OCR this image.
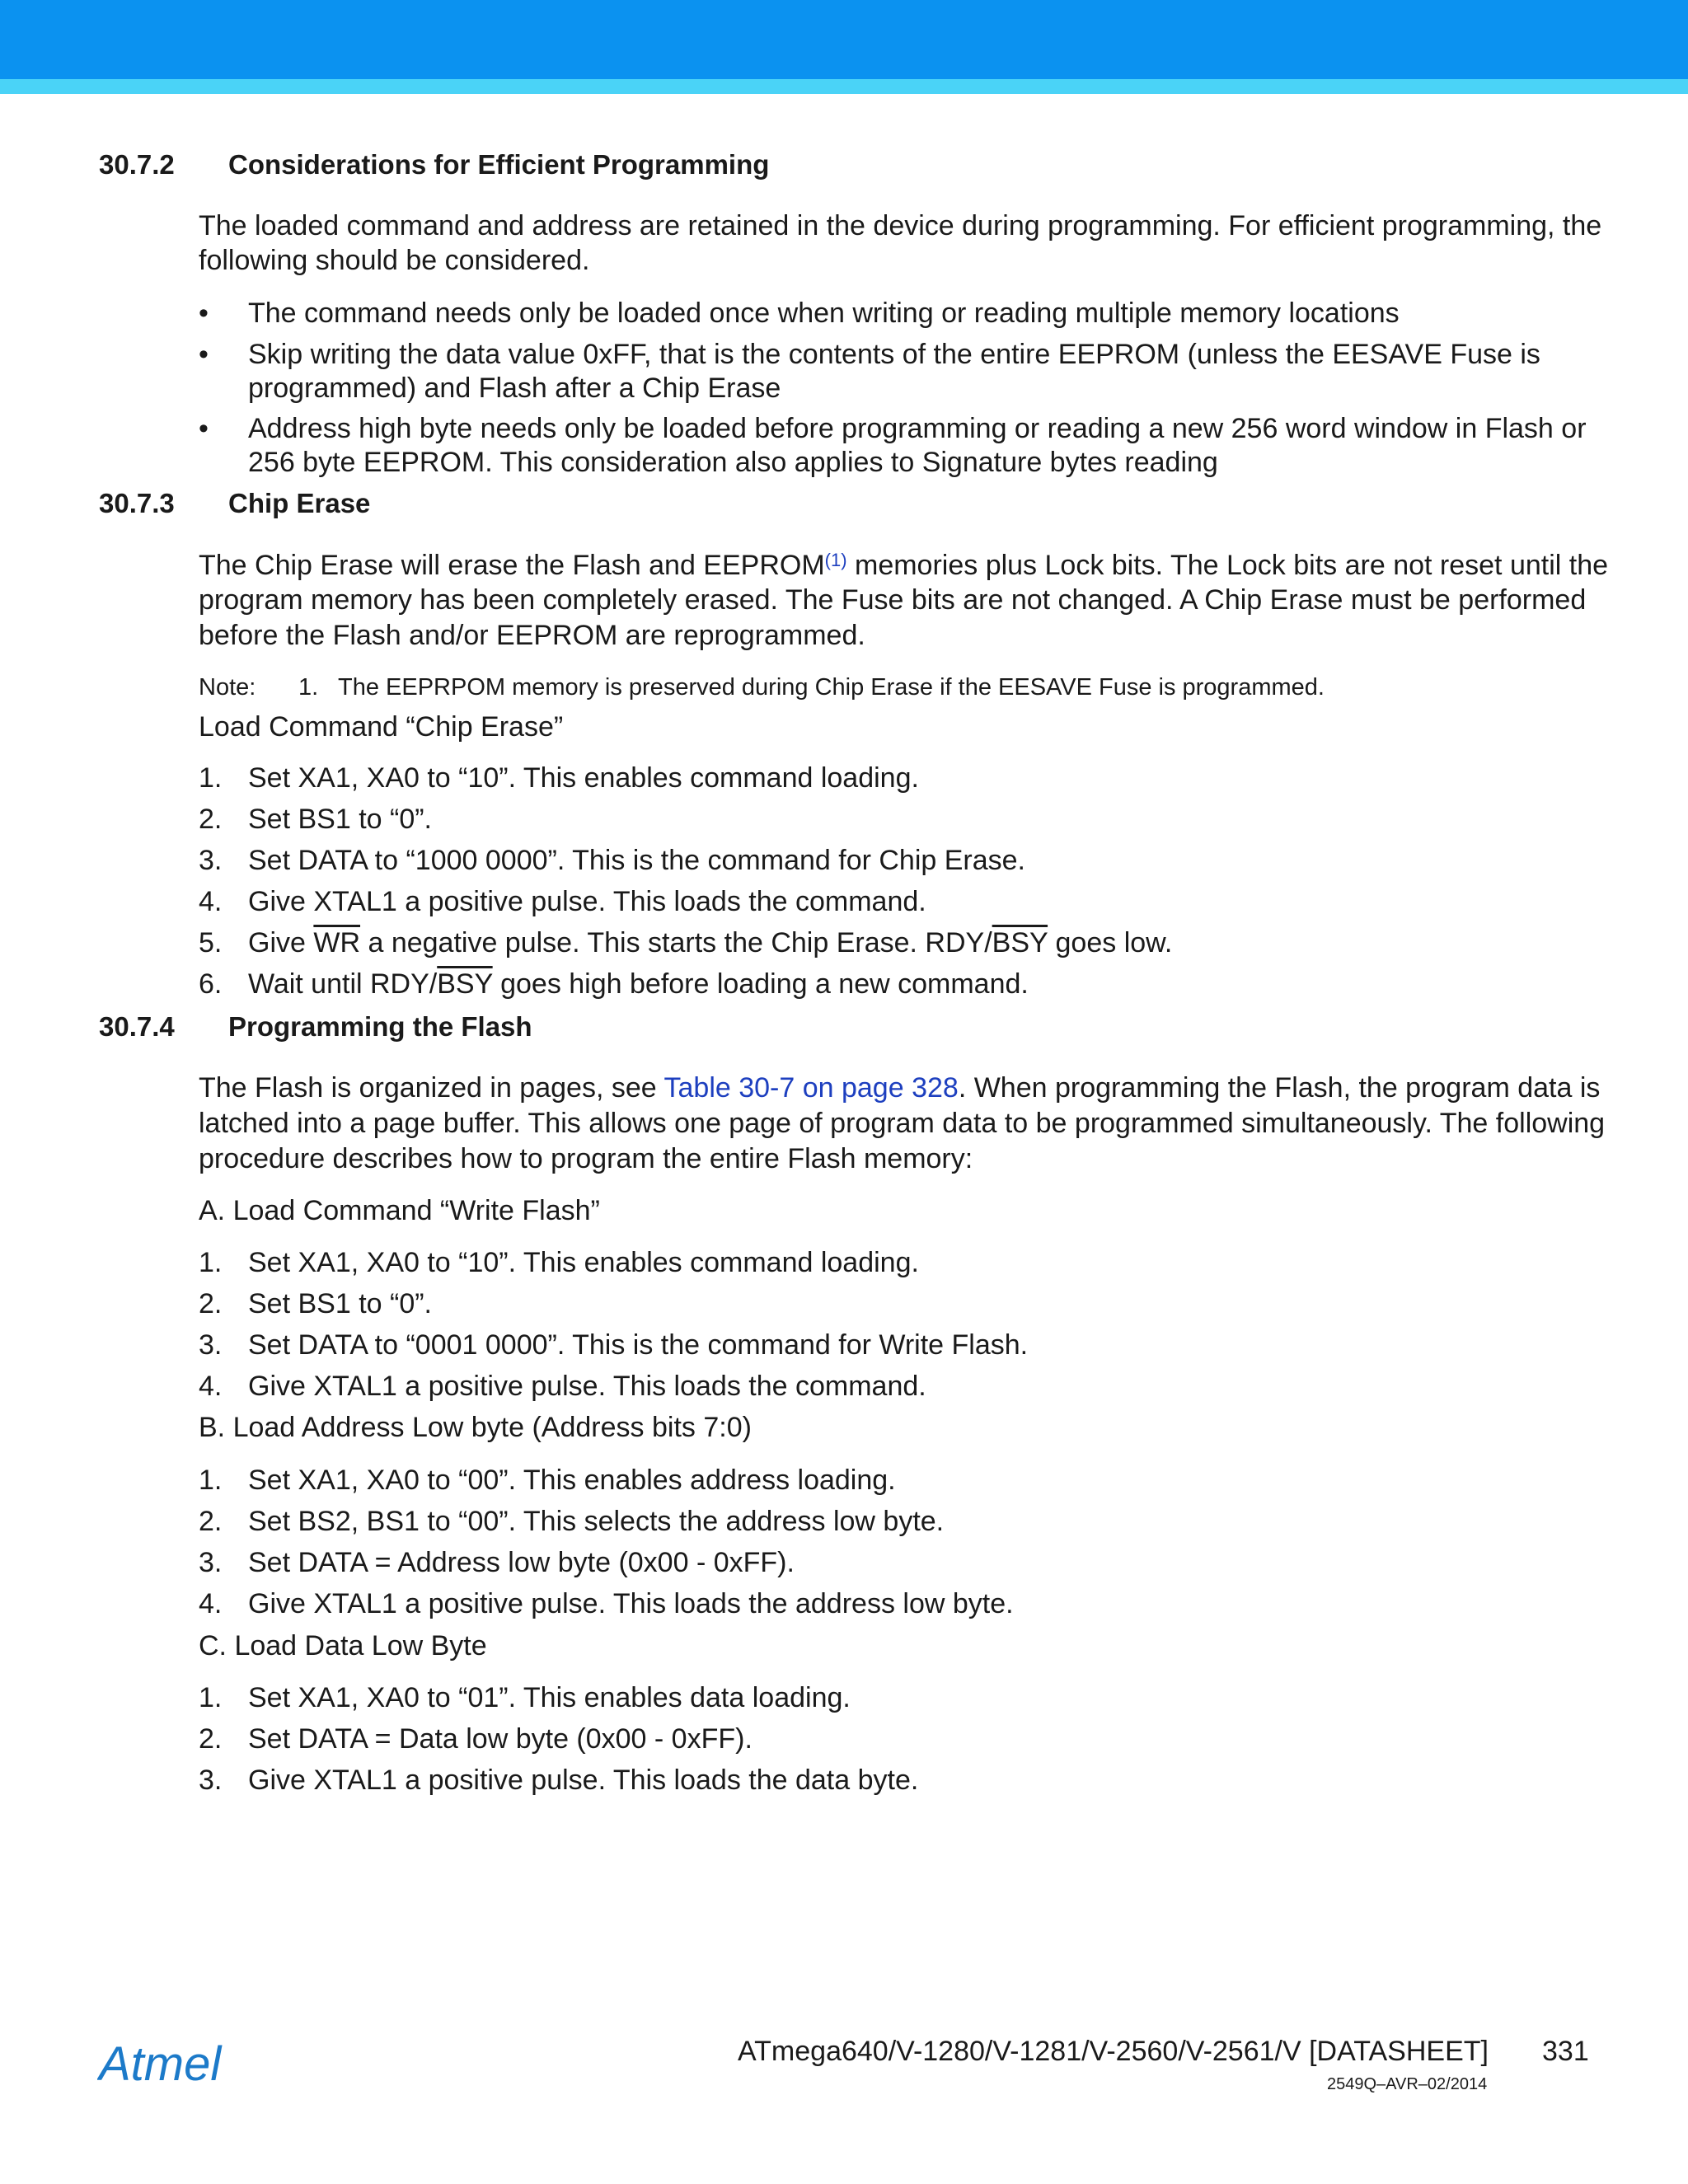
30.7.2 Considerations for Efficient Programming
The loaded command and address are retained in the device during programming. For efficient programming, the
following should be considered.
• The command needs only be loaded once when writing or reading multiple memory locations
• Skip writing the data value 0xFF, that is the contents of the entire EEPROM (unless the EESAVE Fuse is
programmed) and Flash after a Chip Erase
• Address high byte needs only be loaded before programming or reading a new 256 word window in Flash or
256 byte EEPROM. This consideration also applies to Signature bytes reading
30.7.3 Chip Erase
The Chip Erase will erase the Flash and EEPROM$^{(1)}$ memories plus Lock bits. The Lock bits are not reset until the
program memory has been completely erased. The Fuse bits are not changed. A Chip Erase must be performed
before the Flash and/or EEPROM are reprogrammed.
Note: 1. The EEPRPOM memory is preserved during Chip Erase if the EESAVE Fuse is programmed.
Load Command “Chip Erase”
1. Set XA1, XA0 to “10”. This enables command loading.
2. Set BS1 to “0”.
3. Set DATA to “1000 0000”. This is the command for Chip Erase.
4. Give XTAL1 a positive pulse. This loads the command.
5. Give $\overline{WR}$ a negative pulse. This starts the Chip Erase. RDY/$\overline{BSY}$ goes low.
6. Wait until RDY/$\overline{BSY}$ goes high before loading a new command.
30.7.4 Programming the Flash
The Flash is organized in pages, see Table 30-7 on page 328. When programming the Flash, the program data is
latched into a page buffer. This allows one page of program data to be programmed simultaneously. The following
procedure describes how to program the entire Flash memory:
A. Load Command “Write Flash”
1. Set XA1, XA0 to “10”. This enables command loading.
2. Set BS1 to “0”.
3. Set DATA to “0001 0000”. This is the command for Write Flash.
4. Give XTAL1 a positive pulse. This loads the command.
B. Load Address Low byte (Address bits 7:0)
1. Set XA1, XA0 to “00”. This enables address loading.
2. Set BS2, BS1 to “00”. This selects the address low byte.
3. Set DATA = Address low byte (0x00 - 0xFF).
4. Give XTAL1 a positive pulse. This loads the address low byte.
C. Load Data Low Byte
1. Set XA1, XA0 to “01”. This enables data loading.
2. Set DATA = Data low byte (0x00 - 0xFF).
3. Give XTAL1 a positive pulse. This loads the data byte.
Atmel	ATmega640/V-1280/V-1281/V-2560/V-2561/V [DATASHEET] 331
2549Q–AVR–02/2014
